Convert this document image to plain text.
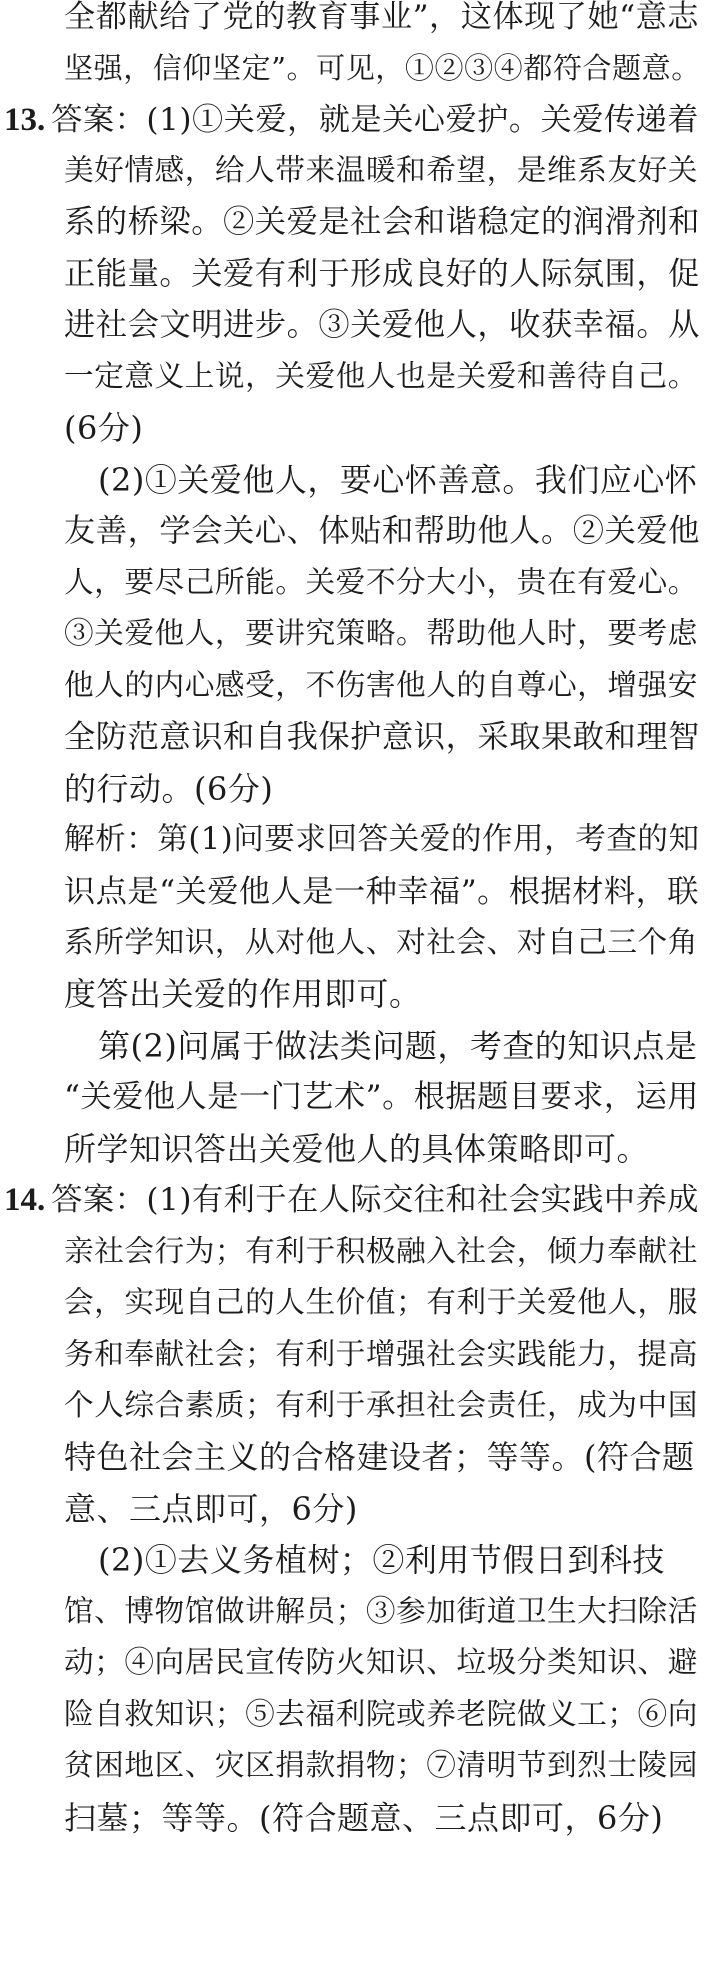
全都献给了党的教育事业”，这体现了她“意志
坚强，信仰坚定”。可见，①②③④都符合题意。
13. 答案：(1)①关爱，就是关心爱护。关爱传递着
美好情感，给人带来温暖和希望，是维系友好关
系的桥梁。②关爱是社会和谐稳定的润滑剂和
正能量。关爱有利于形成良好的人际氛围，促
进社会文明进步。③关爱他人，收获幸福。从
一定意义上说，关爱他人也是关爱和善待自己。
(6分)
(2)①关爱他人，要心怀善意。我们应心怀
友善，学会关心、体贴和帮助他人。②关爱他
人，要尽己所能。关爱不分大小，贵在有爱心。
③关爱他人，要讲究策略。帮助他人时，要考虑
他人的内心感受，不伤害他人的自尊心，增强安
全防范意识和自我保护意识，采取果敢和理智
的行动。(6分)
解析：第(1)问要求回答关爱的作用，考查的知
识点是“关爱他人是一种幸福”。根据材料，联
系所学知识，从对他人、对社会、对自己三个角
度答出关爱的作用即可。
第(2)问属于做法类问题，考查的知识点是
“关爱他人是一门艺术”。根据题目要求，运用
所学知识答出关爱他人的具体策略即可。
14. 答案：(1)有利于在人际交往和社会实践中养成
亲社会行为；有利于积极融入社会，倾力奉献社
会，实现自己的人生价值；有利于关爱他人，服
务和奉献社会；有利于增强社会实践能力，提高
个人综合素质；有利于承担社会责任，成为中国
特色社会主义的合格建设者；等等。(符合题
意、三点即可，6分)
(2)①去义务植树；②利用节假日到科技
馆、博物馆做讲解员；③参加街道卫生大扫除活
动；④向居民宣传防火知识、垃圾分类知识、避
险自救知识；⑤去福利院或养老院做义工；⑥向
贫困地区、灾区捐款捐物；⑦清明节到烈士陵园
扫墓；等等。(符合题意、三点即可，6分)
